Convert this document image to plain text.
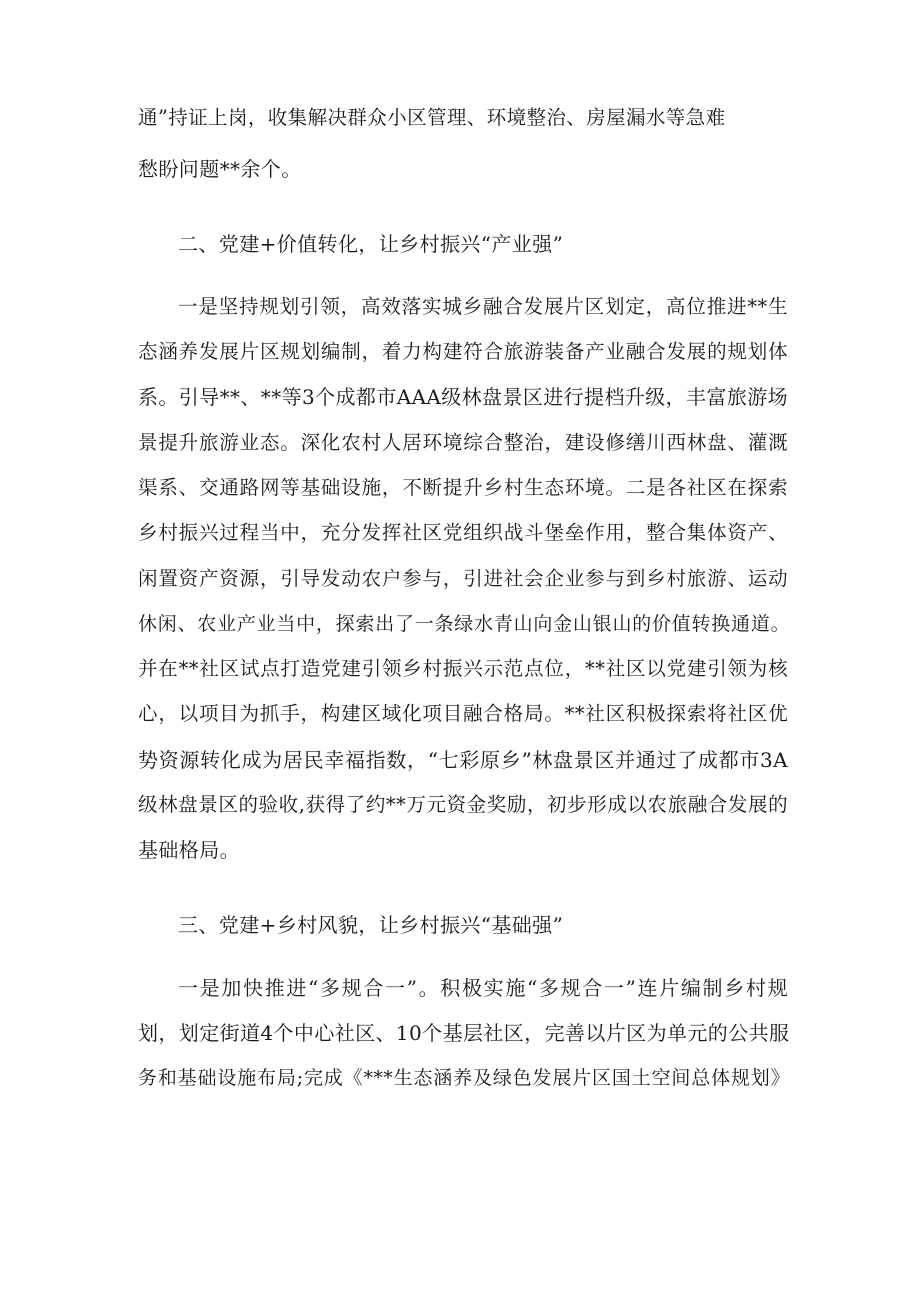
通”持证上岗，收集解决群众小区管理、环境整治、房屋漏水等急难
愁盼问题**余个。
二、党建+价值转化，让乡村振兴“产业强”
一是坚持规划引领，高效落实城乡融合发展片区划定，高位推进**生
态涵养发展片区规划编制，着力构建符合旅游装备产业融合发展的规划体
系。引导**、**等3个成都市AAA级林盘景区进行提档升级，丰富旅游场
景提升旅游业态。深化农村人居环境综合整治，建设修缮川西林盘、灌溉
渠系、交通路网等基础设施，不断提升乡村生态环境。二是各社区在探索
乡村振兴过程当中，充分发挥社区党组织战斗堡垒作用，整合集体资产、
闲置资产资源，引导发动农户参与，引进社会企业参与到乡村旅游、运动
休闲、农业产业当中，探索出了一条绿水青山向金山银山的价值转换通道。
并在**社区试点打造党建引领乡村振兴示范点位，**社区以党建引领为核
心，以项目为抓手，构建区域化项目融合格局。**社区积极探索将社区优
势资源转化成为居民幸福指数，“七彩原乡”林盘景区并通过了成都市3A
级林盘景区的验收,获得了约**万元资金奖励，初步形成以农旅融合发展的
基础格局。
三、党建+乡村风貌，让乡村振兴“基础强”
一是加快推进“多规合一”。积极实施“多规合一”连片编制乡村规
划，划定街道4个中心社区、10个基层社区，完善以片区为单元的公共服
务和基础设施布局;完成《***生态涵养及绿色发展片区国土空间总体规划》
